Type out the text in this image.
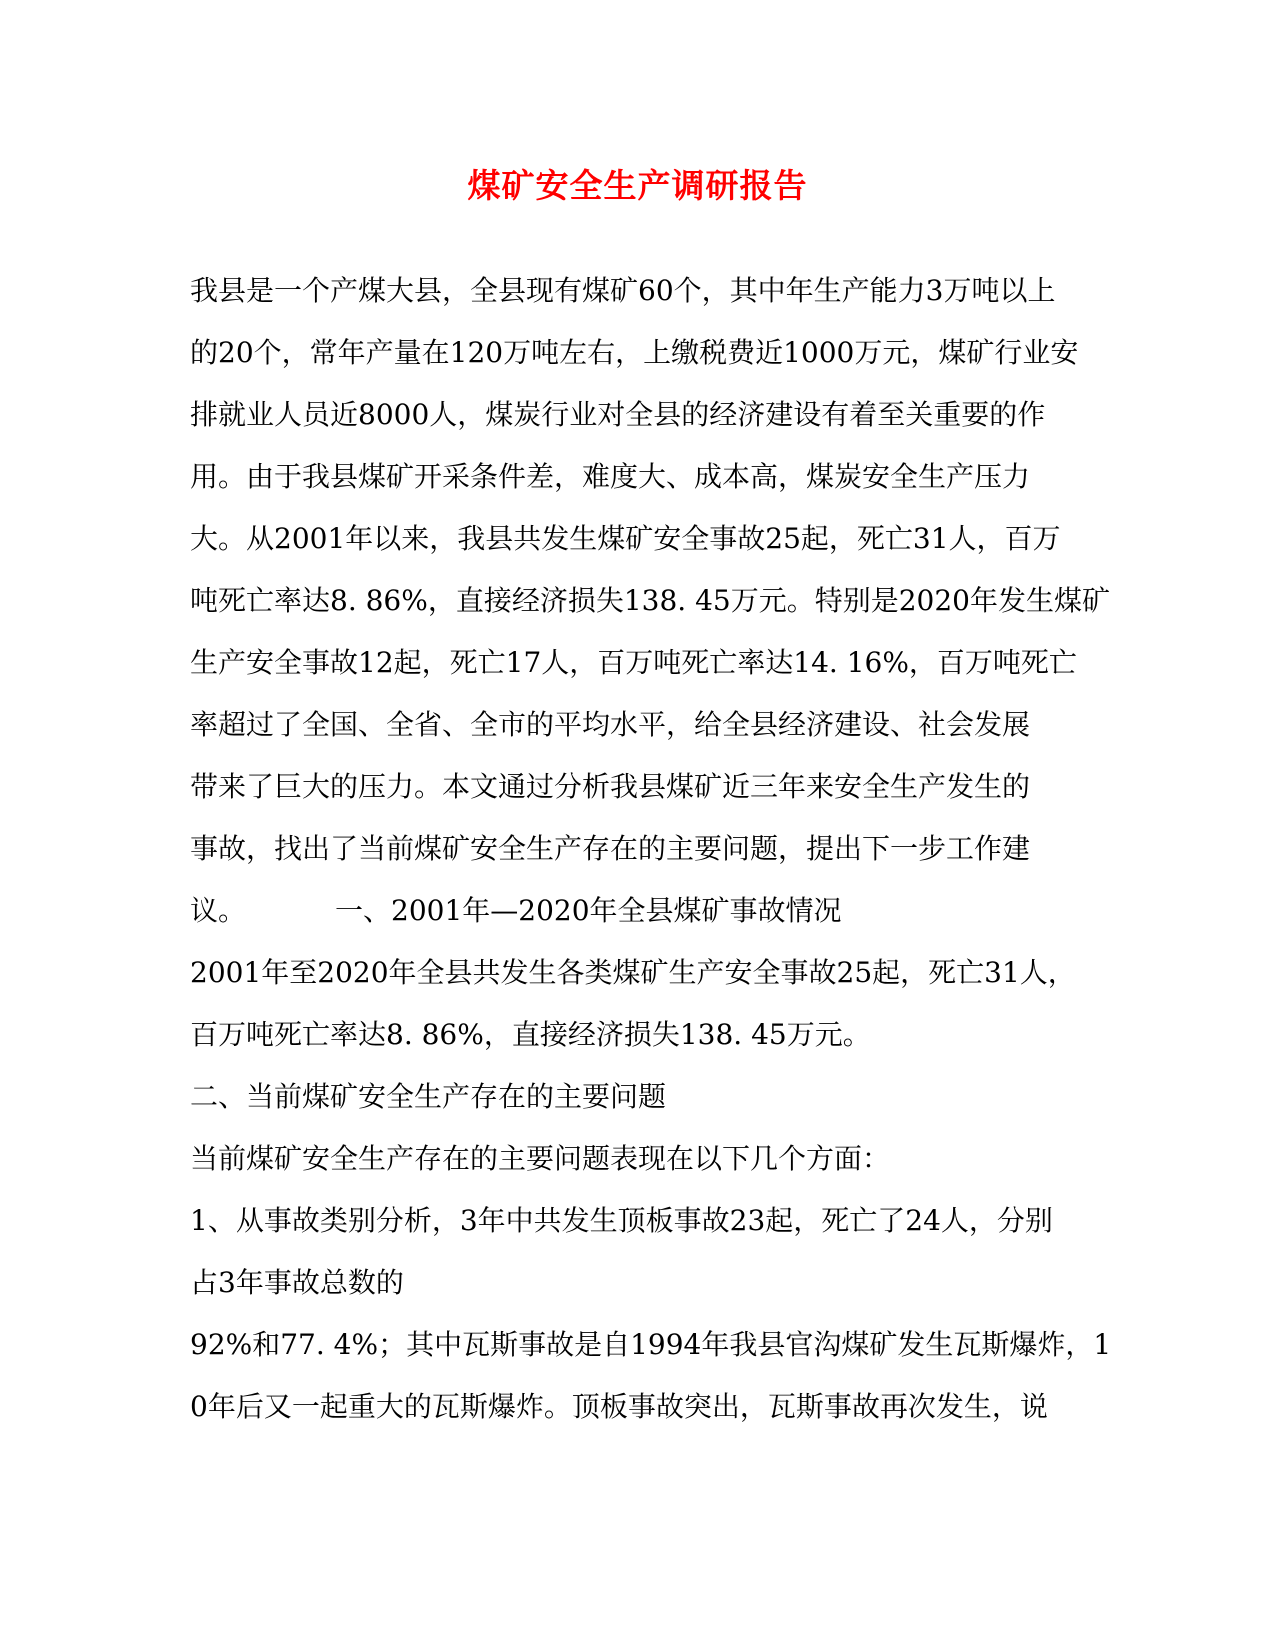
煤矿安全生产调研报告
我县是一个产煤大县，全县现有煤矿60个，其中年生产能力3万吨以上
的20个，常年产量在120万吨左右，上缴税费近1000万元，煤矿行业安
排就业人员近8000人，煤炭行业对全县的经济建设有着至关重要的作
用。由于我县煤矿开采条件差，难度大、成本高，煤炭安全生产压力
大。从2001年以来，我县共发生煤矿安全事故25起，死亡31人，百万
吨死亡率达8. 86%，直接经济损失138. 45万元。特别是2020年发生煤矿
生产安全事故12起，死亡17人，百万吨死亡率达14. 16%，百万吨死亡
率超过了全国、全省、全市的平均水平，给全县经济建设、社会发展
带来了巨大的压力。本文通过分析我县煤矿近三年来安全生产发生的
事故，找出了当前煤矿安全生产存在的主要问题，提出下一步工作建
议。          一、2001年—2020年全县煤矿事故情况
2001年至2020年全县共发生各类煤矿生产安全事故25起，死亡31人，
百万吨死亡率达8. 86%，直接经济损失138. 45万元。
二、当前煤矿安全生产存在的主要问题
当前煤矿安全生产存在的主要问题表现在以下几个方面：
1、从事故类别分析，3年中共发生顶板事故23起，死亡了24人，分别
占3年事故总数的
92%和77. 4%；其中瓦斯事故是自1994年我县官沟煤矿发生瓦斯爆炸，1
0年后又一起重大的瓦斯爆炸。顶板事故突出，瓦斯事故再次发生，说
